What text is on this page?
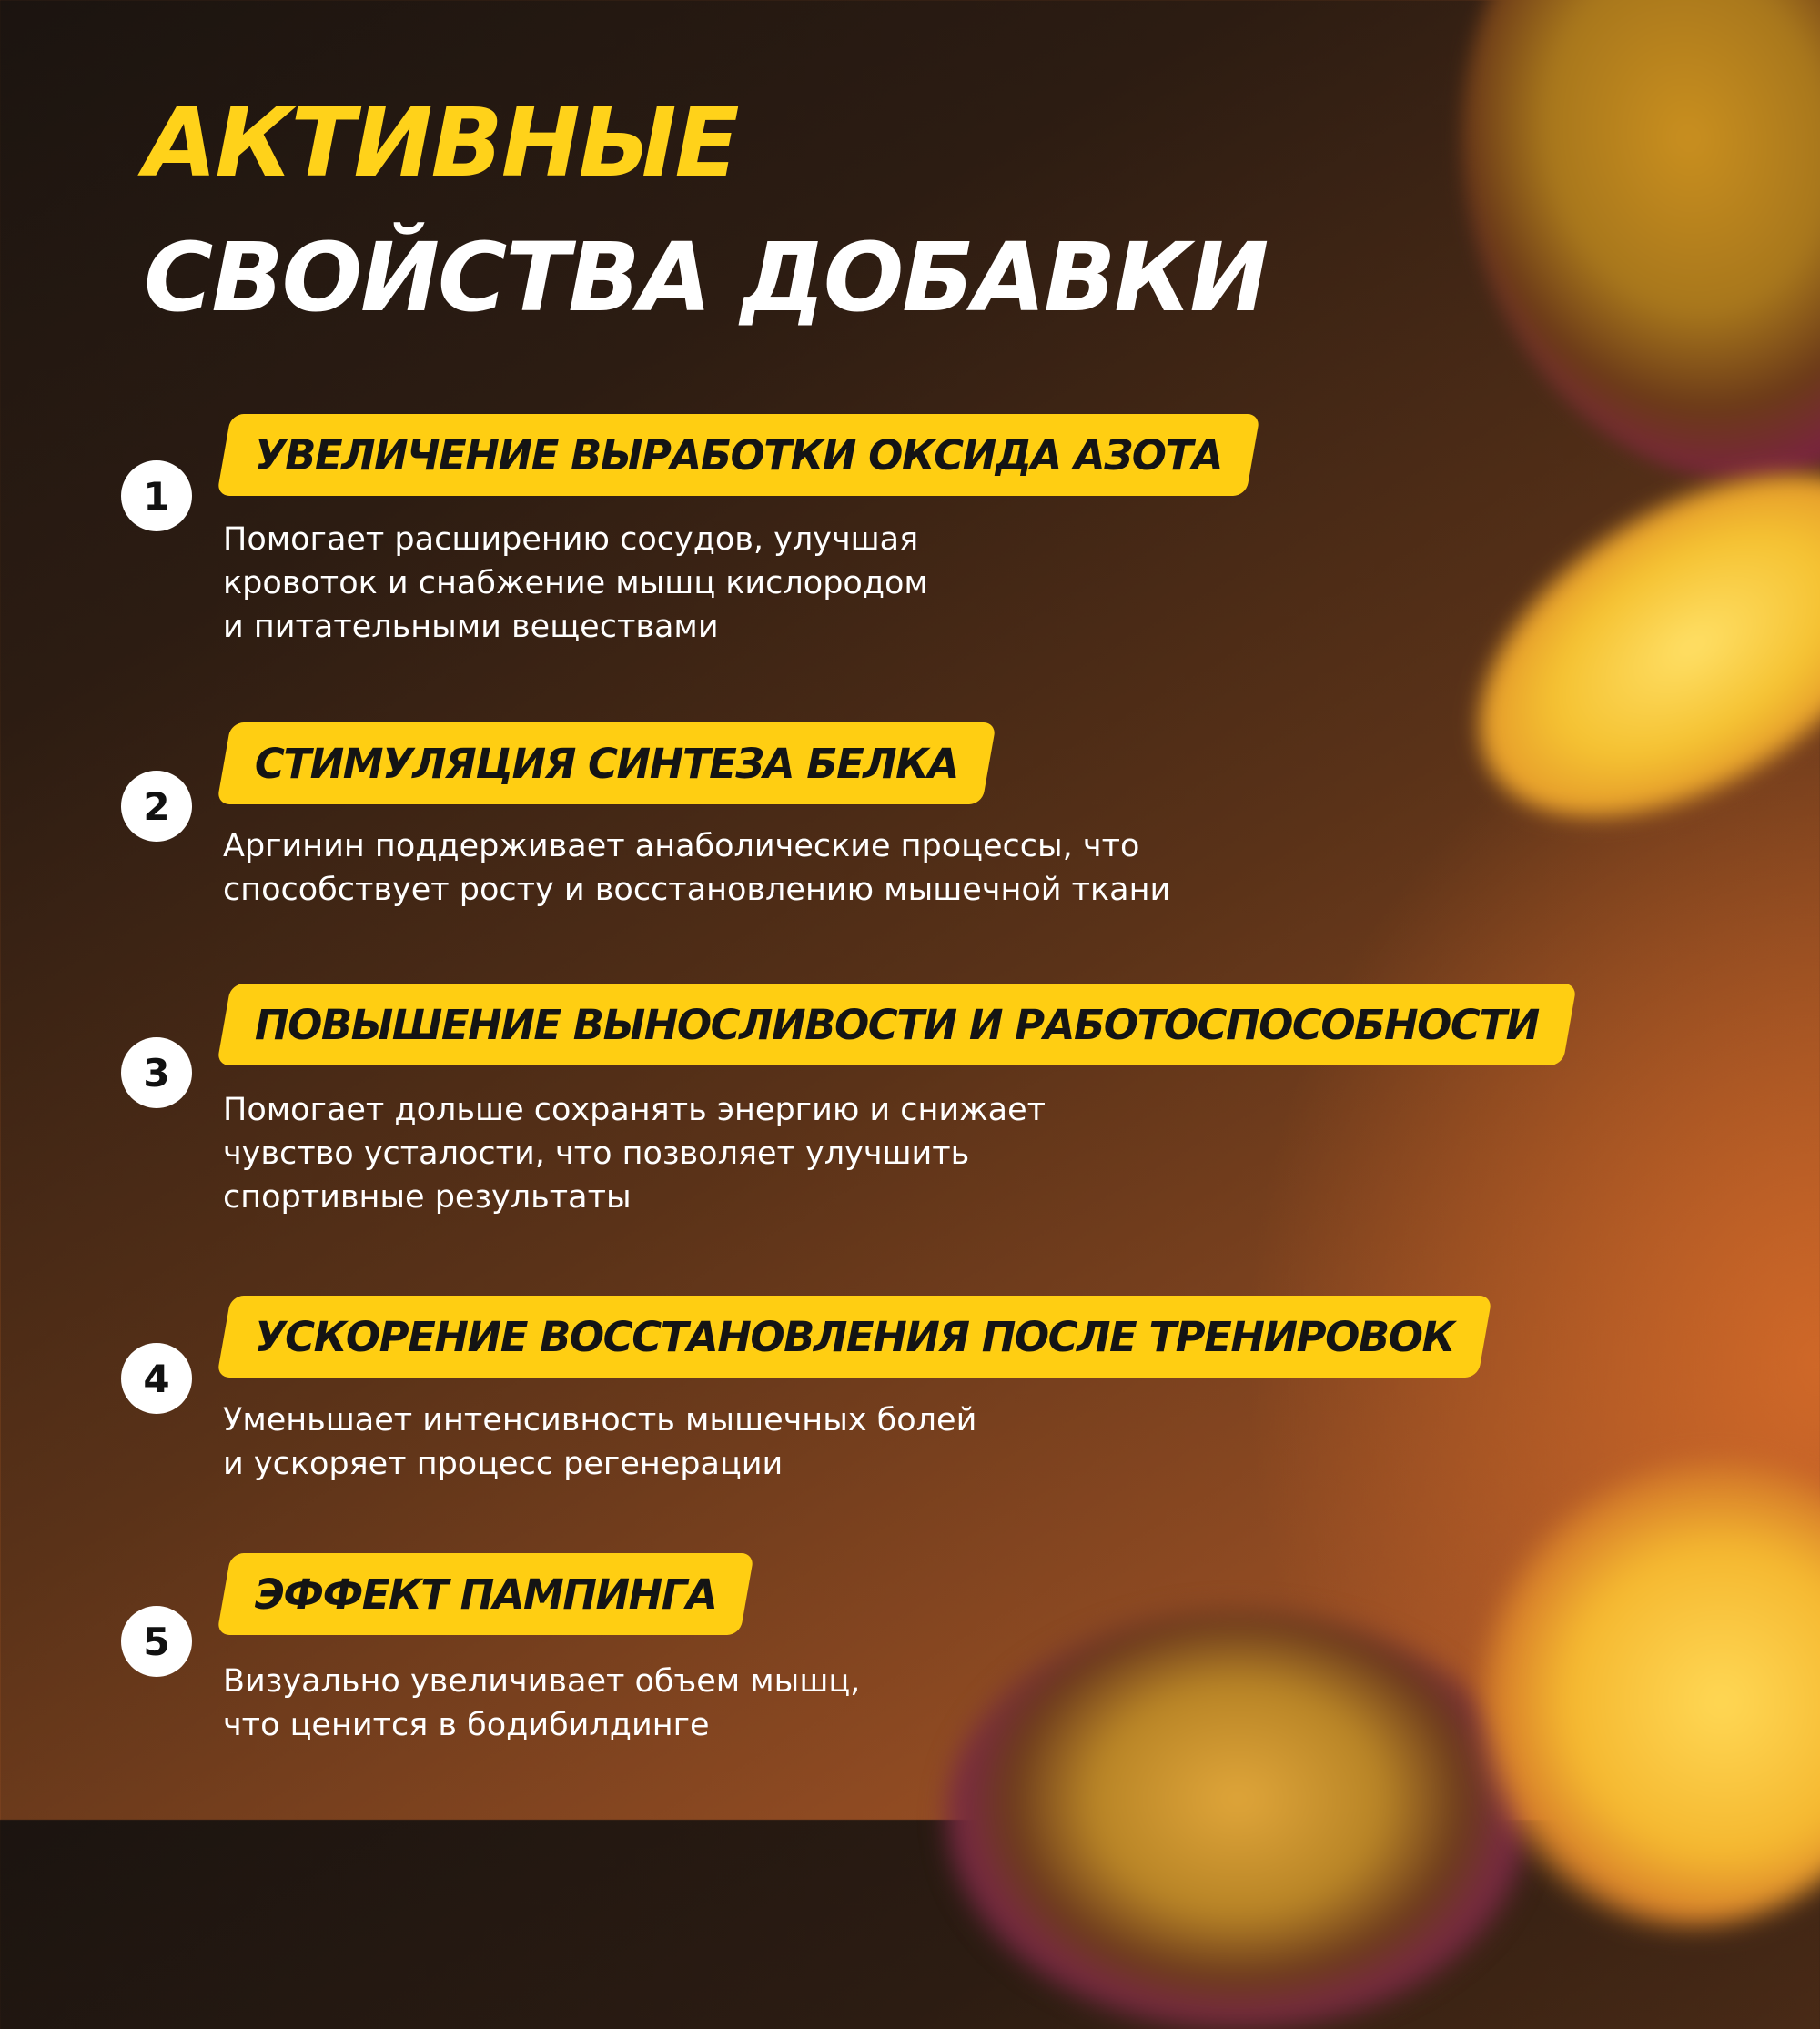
АКТИВНЫЕ
СВОЙСТВА ДОБАВКИ
1
УВЕЛИЧЕНИЕ ВЫРАБОТКИ ОКСИДА АЗОТА

Помогает расширению сосудов, улучшая
кровоток и снабжение мышц кислородом
и питательными веществами

2
СТИМУЛЯЦИЯ СИНТЕЗА БЕЛКА

Аргинин поддерживает анаболические процессы, что
способствует росту и восстановлению мышечной ткани

3
ПОВЫШЕНИЕ ВЫНОСЛИВОСТИ И РАБОТОСПОСОБНОСТИ

Помогает дольше сохранять энергию и снижает
чувство усталости, что позволяет улучшить
спортивные результаты

4
УСКОРЕНИЕ ВОССТАНОВЛЕНИЯ ПОСЛЕ ТРЕНИРОВОК

Уменьшает интенсивность мышечных болей
и ускоряет процесс регенерации

5
ЭФФЕКТ ПАМПИНГА

Визуально увеличивает объем мышц,
что ценится в бодибилдинге
